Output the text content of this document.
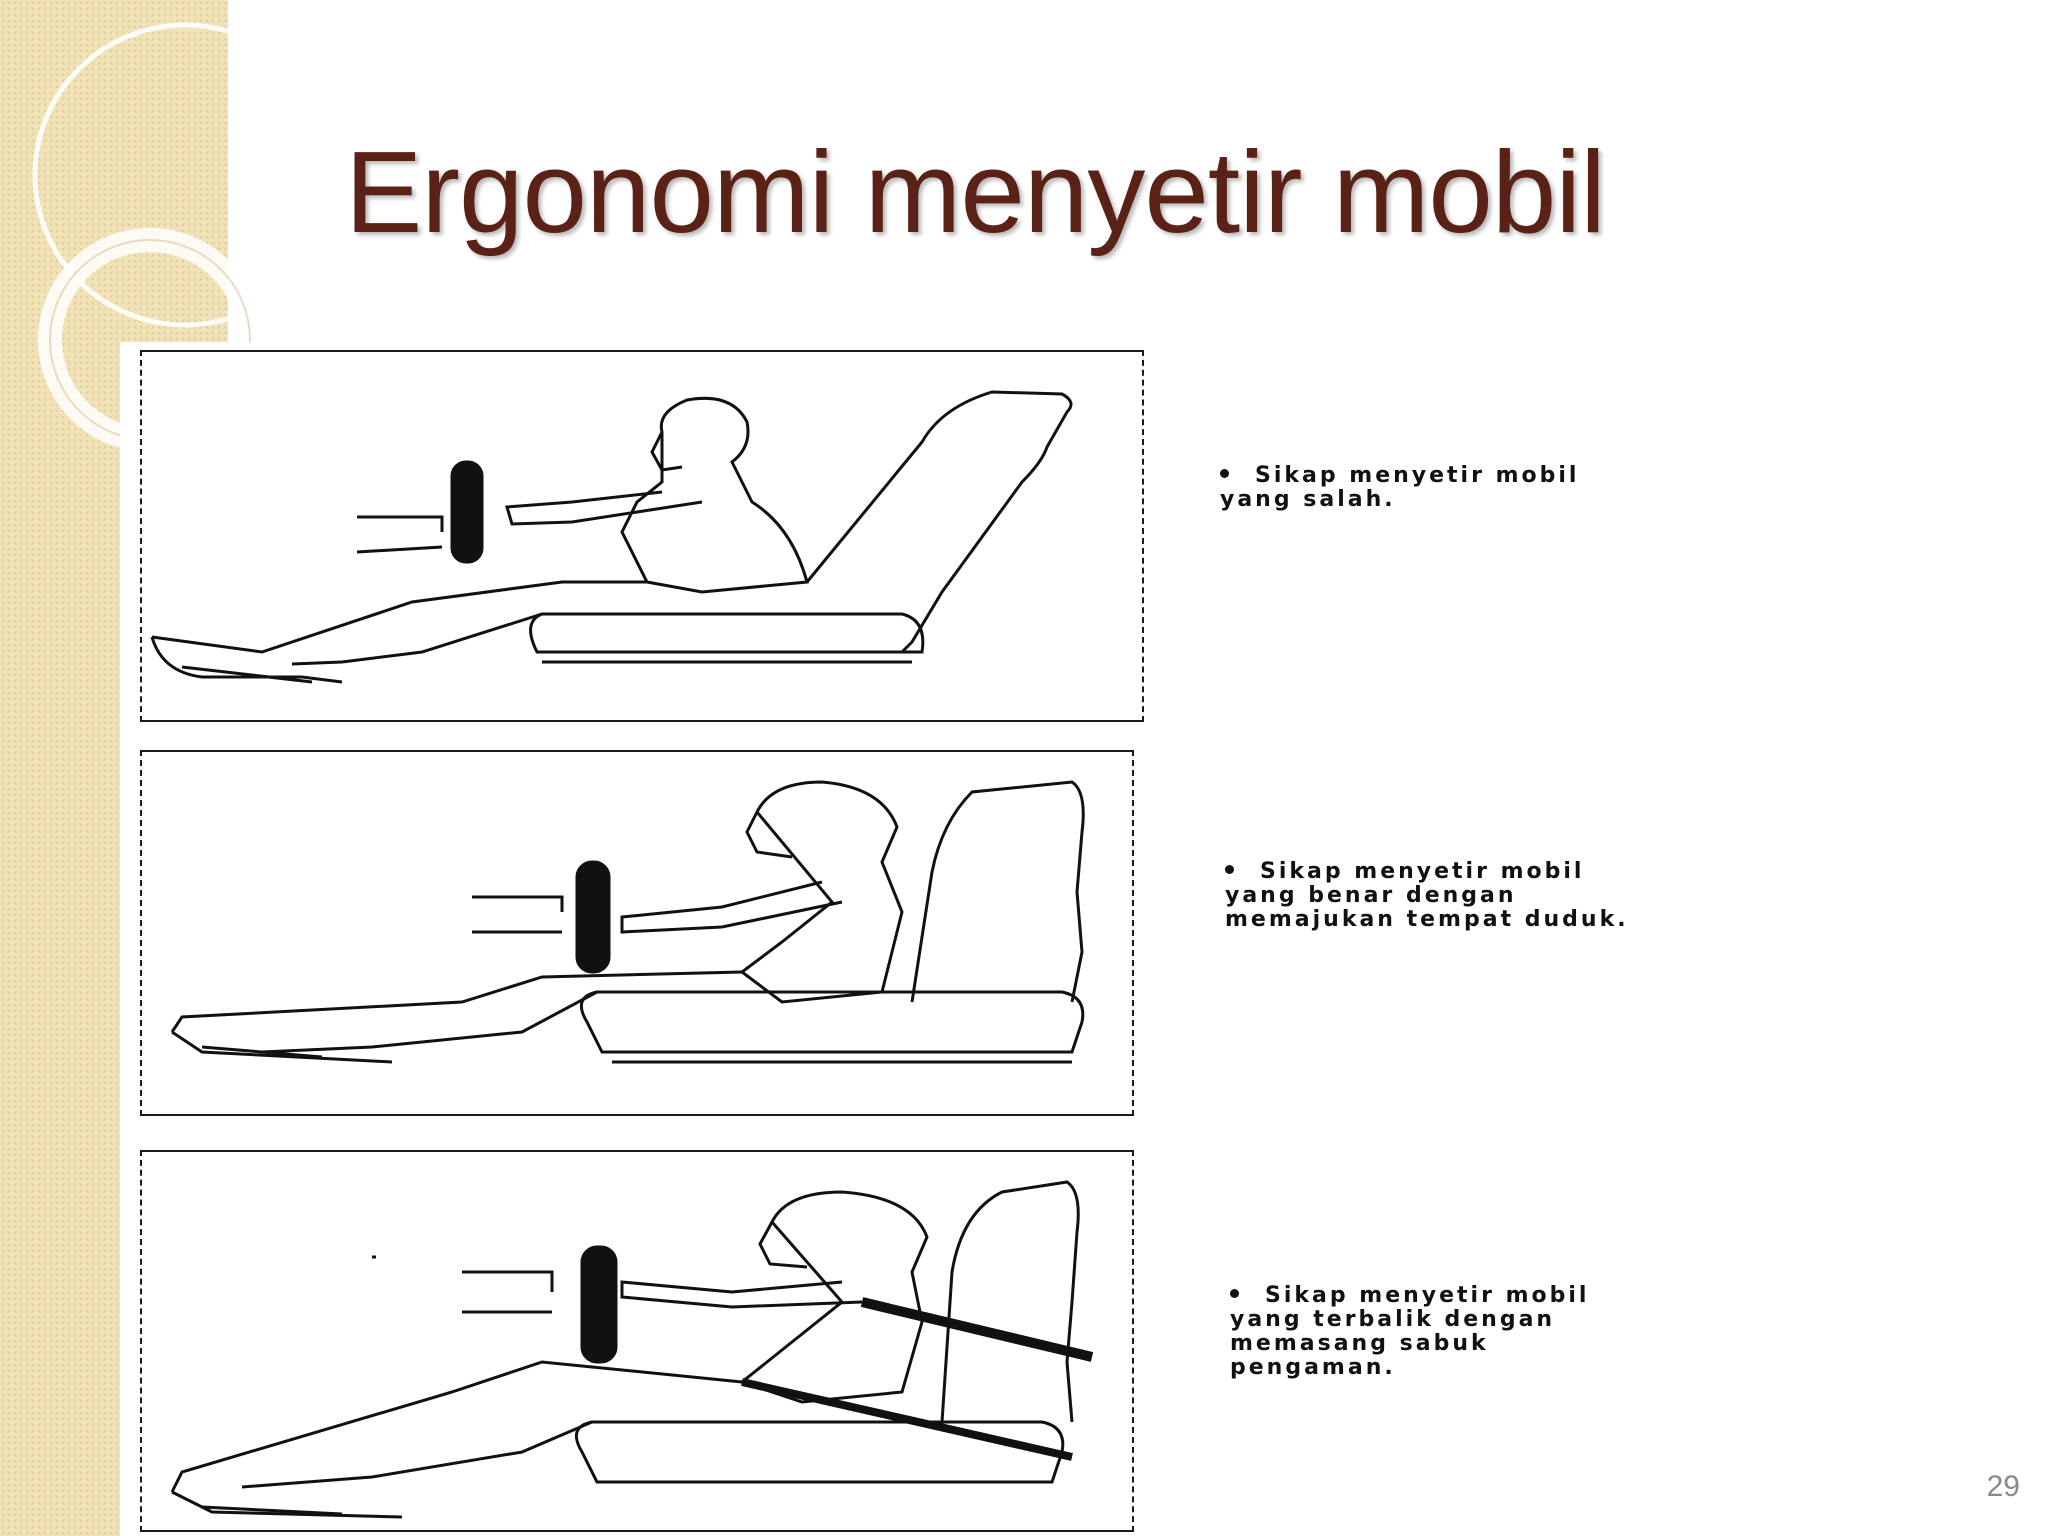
Ergonomi menyetir mobil
Sikap menyetir mobil
yang salah.
Sikap menyetir mobil
yang benar dengan
memajukan tempat duduk.
Sikap menyetir mobil
yang terbalik dengan
memasang sabuk
pengaman.
29
